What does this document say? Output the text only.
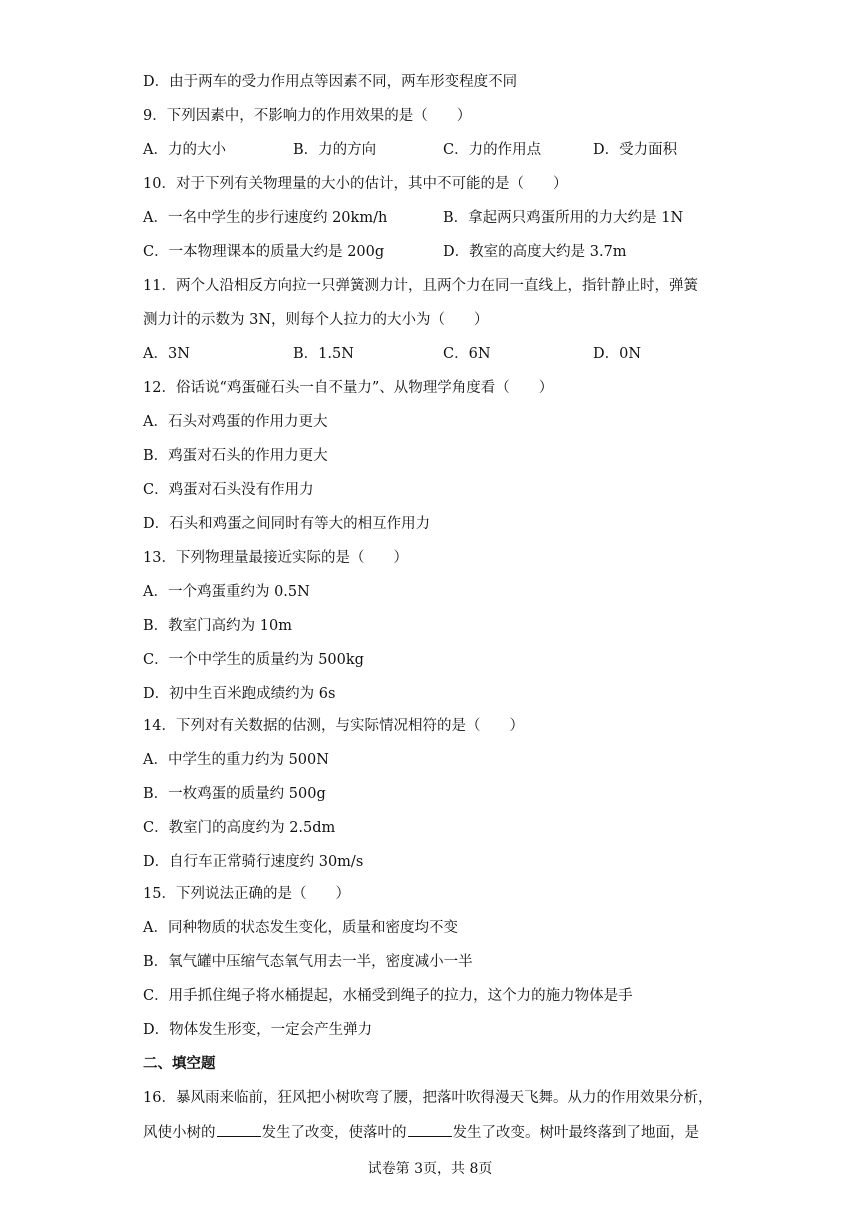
D．由于两车的受力作用点等因素不同，两车形变程度不同
9．下列因素中，不影响力的作用效果的是（　　）
A．力的大小	B．力的方向	C．力的作用点	D．受力面积
10．对于下列有关物理量的大小的估计，其中不可能的是（　　）
A．一名中学生的步行速度约 20km/h	B．拿起两只鸡蛋所用的力大约是 1N
C．一本物理课本的质量大约是 200g	D．教室的高度大约是 3.7m
11．两个人沿相反方向拉一只弹簧测力计，且两个力在同一直线上，指针静止时，弹簧
测力计的示数为 3N，则每个人拉力的大小为（　　）
A．3N	B．1.5N	C．6N	D．0N
12．俗话说“鸡蛋碰石头一自不量力”、从物理学角度看（　　）
A．石头对鸡蛋的作用力更大
B．鸡蛋对石头的作用力更大
C．鸡蛋对石头没有作用力
D．石头和鸡蛋之间同时有等大的相互作用力
13．下列物理量最接近实际的是（　　）
A．一个鸡蛋重约为 0.5N
B．教室门高约为 10m
C．一个中学生的质量约为 500kg
D．初中生百米跑成绩约为 6s
14．下列对有关数据的估测，与实际情况相符的是（　　）
A．中学生的重力约为 500N
B．一枚鸡蛋的质量约 500g
C．教室门的高度约为 2.5dm
D．自行车正常骑行速度约 30m/s
15．下列说法正确的是（　　）
A．同种物质的状态发生变化，质量和密度均不变
B．氧气罐中压缩气态氧气用去一半，密度减小一半
C．用手抓住绳子将水桶提起，水桶受到绳子的拉力，这个力的施力物体是手
D．物体发生形变，一定会产生弹力
二、填空题
16．暴风雨来临前，狂风把小树吹弯了腰，把落叶吹得漫天飞舞。从力的作用效果分析，
风使小树的	发生了改变，使落叶的	发生了改变。树叶最终落到了地面，是
试卷第 3页，共 8页
